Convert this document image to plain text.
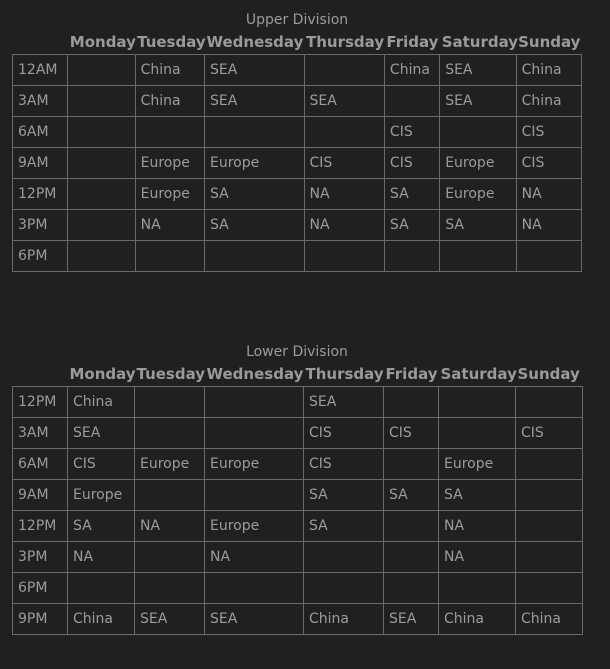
Upper Division
	Monday	Tuesday	Wednesday	Thursday	Friday	Saturday	Sunday
12AM		China	SEA		China	SEA	China
3AM		China	SEA	SEA		SEA	China
6AM					CIS		CIS
9AM		Europe	Europe	CIS	CIS	Europe	CIS
12PM		Europe	SA	NA	SA	Europe	NA
3PM		NA	SA	NA	SA	SA	NA
6PM							
Lower Division
	Monday	Tuesday	Wednesday	Thursday	Friday	Saturday	Sunday
12PM	China			SEA			
3AM	SEA			CIS	CIS		CIS
6AM	CIS	Europe	Europe	CIS		Europe	
9AM	Europe			SA	SA	SA	
12PM	SA	NA	Europe	SA		NA	
3PM	NA		NA			NA	
6PM							
9PM	China	SEA	SEA	China	SEA	China	China
